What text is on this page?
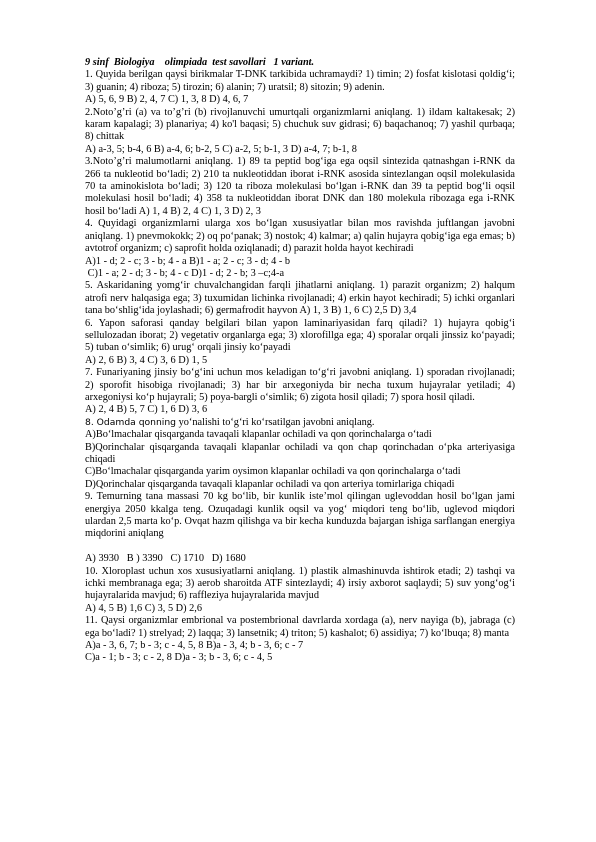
9 sinf  Biologiya    olimpiada  test savollari   1 variant.
1. Quyida berilgan qaysi birikmalar T-DNK tarkibida uchramaydi? 1) timin; 2) fosfat kislotasi qoldig‘i; 3) guanin; 4) riboza; 5) tirozin; 6) alanin; 7) uratsil; 8) sitozin; 9) adenin.
A) 5, 6, 9 B) 2, 4, 7 C) 1, 3, 8 D) 4, 6, 7
2.Noto’g’ri (a) va to’g’ri (b) rivojlanuvchi umurtqali organizmlarni aniqlang. 1) ildam kaltakesak; 2) karam kapalagi; 3) planariya; 4) ko'l baqasi; 5) chuchuk suv gidrasi; 6) baqachanoq; 7) yashil qurbaqa; 8) chittak
A) a-3, 5; b-4, 6 B) a-4, 6; b-2, 5 C) a-2, 5; b-1, 3 D) a-4, 7; b-1, 8
3.Noto’g’ri malumotlarni aniqlang. 1) 89 ta peptid bog‘iga ega oqsil sintezida qatnashgan i-RNK da 266 ta nukleotid bo‘ladi; 2) 210 ta nukleotiddan iborat i-RNK asosida sintezlangan oqsil molekulasida 70 ta aminokislota bo‘ladi; 3) 120 ta riboza molekulasi bo‘lgan i-RNK dan 39 ta peptid bog‘li oqsil molekulasi hosil bo‘ladi; 4) 358 ta nukleotiddan iborat DNK dan 180 molekula ribozaga ega i-RNK hosil bo‘ladi A) 1, 4 B) 2, 4 C) 1, 3 D) 2, 3
4. Quyidagi organizmlarni ularga xos bo‘lgan xususiyatlar bilan mos ravishda juftlangan javobni aniqlang. 1) pnevmokokk; 2) oq po‘panak; 3) nostok; 4) kalmar; a) qalin hujayra qobig‘iga ega emas; b) avtotrof organizm; c) saprofit holda oziqlanadi; d) parazit holda hayot kechiradi
A)1 - d; 2 - c; 3 - b; 4 - a B)1 - a; 2 - c; 3 - d; 4 - b
C)1 - a; 2 - d; 3 - b; 4 - c D)1 - d; 2 - b; 3 –c;4-a
5. Askaridaning yomg‘ir chuvalchangidan farqli jihatlarni aniqlang. 1) parazit organizm; 2) halqum atrofi nerv halqasiga ega; 3) tuxumidan lichinka rivojlanadi; 4) erkin hayot kechiradi; 5) ichki organlari tana bo‘shlig‘ida joylashadi; 6) germafrodit hayvon A) 1, 3 B) 1, 6 C) 2,5 D) 3,4
6. Yapon saforasi qanday belgilari bilan yapon laminariyasidan farq qiladi? 1) hujayra qobig‘i sellulozadan iborat; 2) vegetativ organlarga ega; 3) xlorofillga ega; 4) sporalar orqali jinssiz ko‘payadi; 5) tuban o‘simlik; 6) urug‘ orqali jinsiy ko‘payadi
A) 2, 6 B) 3, 4 C) 3, 6 D) 1, 5
7. Funariyaning jinsiy bo‘g‘ini uchun mos keladigan to‘g‘ri javobni aniqlang. 1) sporadan rivojlanadi; 2) sporofit hisobiga rivojlanadi; 3) har bir arxegoniyda bir necha tuxum hujayralar yetiladi; 4) arxegoniysi ko‘p hujayrali; 5) poya-bargli o‘simlik; 6) zigota hosil qiladi; 7) spora hosil qiladi.
A) 2, 4 B) 5, 7 C) 1, 6 D) 3, 6
8. Odamda qonning yo‘nalishi to‘g‘ri ko‘rsatilgan javobni aniqlang.
A)Bo‘lmachalar qisqarganda tavaqali klapanlar ochiladi va qon qorinchalarga o‘tadi
B)Qorinchalar qisqarganda tavaqali klapanlar ochiladi va qon chap qorinchadan o‘pka arteriyasiga chiqadi
C)Bo‘lmachalar qisqarganda yarim oysimon klapanlar ochiladi va qon qorinchalarga o‘tadi
D)Qorinchalar qisqarganda tavaqali klapanlar ochiladi va qon arteriya tomirlariga chiqadi
9. Temurning tana massasi 70 kg bo‘lib, bir kunlik iste’mol qilingan uglevoddan hosil bo‘lgan jami energiya 2050 kkalga teng. Ozuqadagi kunlik oqsil va yog‘ miqdori teng bo‘lib, uglevod miqdori ulardan 2,5 marta ko‘p. Ovqat hazm qilishga va bir kecha kunduzda bajargan ishiga sarflangan energiya miqdorini aniqlang
A) 3930   B ) 3390   C) 1710   D) 1680
10. Xloroplast uchun xos xususiyatlarni aniqlang. 1) plastik almashinuvda ishtirok etadi; 2) tashqi va ichki membranaga ega; 3) aerob sharoitda ATF sintezlaydi; 4) irsiy axborot saqlaydi; 5) suv yong‘og‘i hujayralarida mavjud; 6) raffleziya hujayralarida mavjud
A) 4, 5 B) 1,6 C) 3, 5 D) 2,6
11. Qaysi organizmlar embrional va postembrional davrlarda xordaga (a), nerv nayiga (b), jabraga (c) ega bo‘ladi? 1) strelyad; 2) laqqa; 3) lansetnik; 4) triton; 5) kashalot; 6) assidiya; 7) ko‘lbuqa; 8) manta
A)a - 3, 6, 7; b - 3; c - 4, 5, 8 B)a - 3, 4; b - 3, 6; c - 7
C)a - 1; b - 3; c - 2, 8 D)a - 3; b - 3, 6; c - 4, 5
